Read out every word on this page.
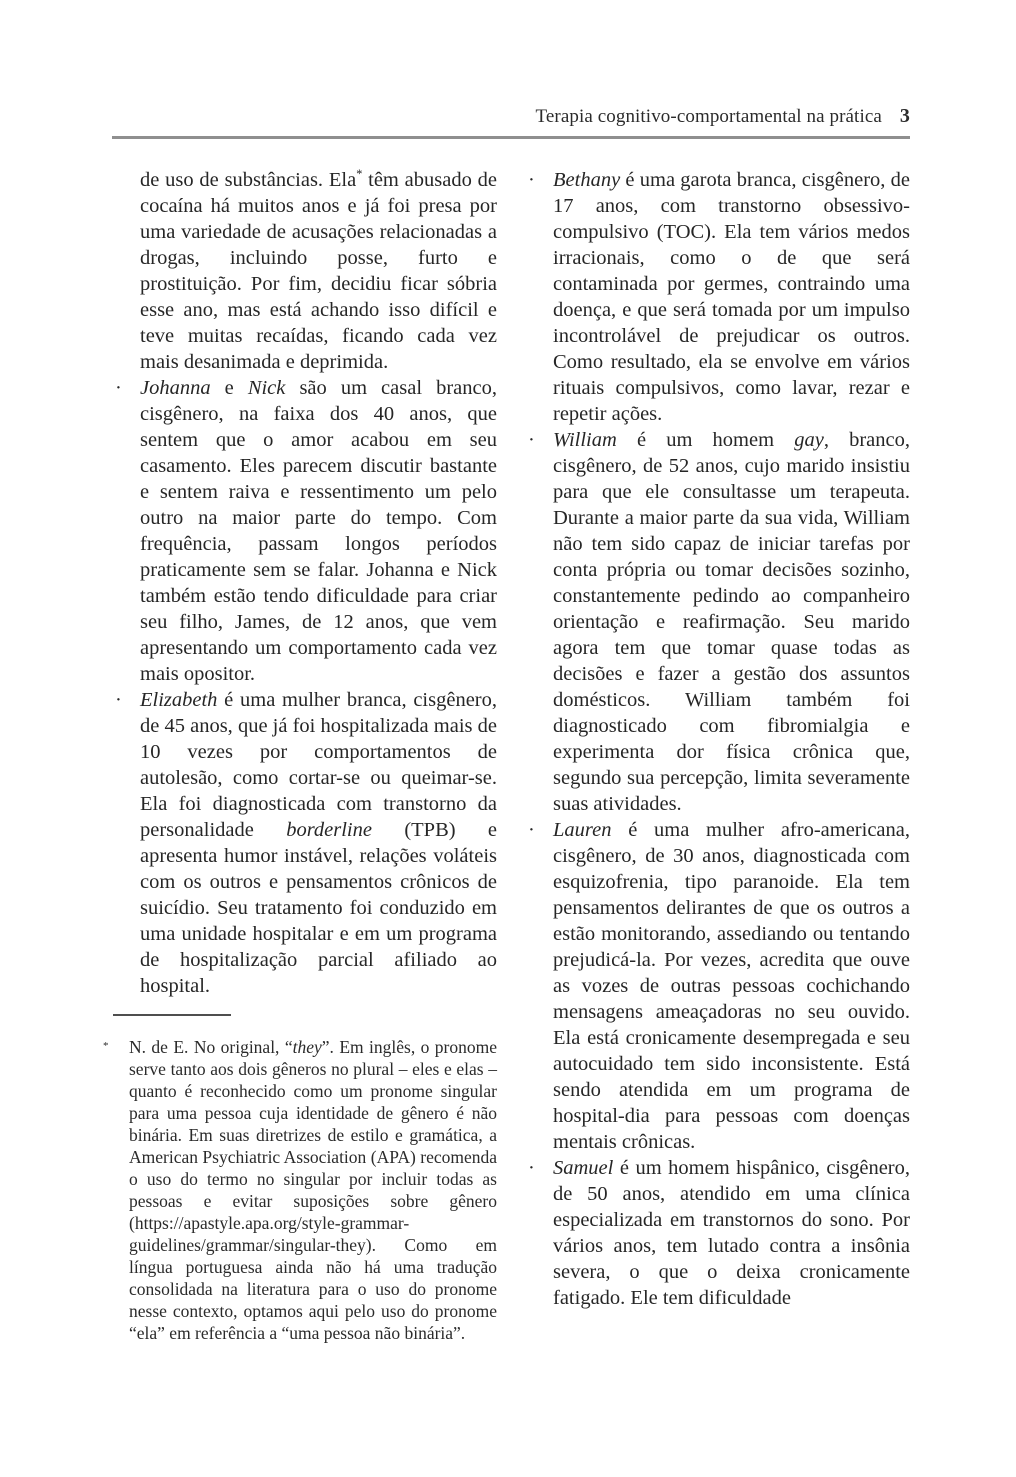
Terapia cognitivo-comportamental na prática 3

de uso de substâncias. Ela* têm abusado de cocaína há muitos anos e já foi presa por uma variedade de acusações relacionadas a drogas, incluindo posse, furto e prostituição. Por fim, decidiu ficar sóbria esse ano, mas está achando isso difícil e teve muitas recaídas, ficando cada vez mais desanimada e deprimida.

· Johanna e Nick são um casal branco, cisgênero, na faixa dos 40 anos, que sentem que o amor acabou em seu casamento. Eles parecem discutir bastante e sentem raiva e ressentimento um pelo outro na maior parte do tempo. Com frequência, passam longos períodos praticamente sem se falar. Johanna e Nick também estão tendo dificuldade para criar seu filho, James, de 12 anos, que vem apresentando um comportamento cada vez mais opositor.
· Elizabeth é uma mulher branca, cisgênero, de 45 anos, que já foi hospitalizada mais de 10 vezes por comportamentos de autolesão, como cortar-se ou queimar-se. Ela foi diagnosticada com transtorno da personalidade borderline (TPB) e apresenta humor instável, relações voláteis com os outros e pensamentos crônicos de suicídio. Seu tratamento foi conduzido em uma unidade hospitalar e em um programa de hospitalização parcial afiliado ao hospital.

* N. de E. No original, “they”. Em inglês, o pronome serve tanto aos dois gêneros no plural – eles e elas – quanto é reconhecido como um pronome singular para uma pessoa cuja identidade de gênero é não binária. Em suas diretrizes de estilo e gramática, a American Psychiatric Association (APA) recomenda o uso do termo no singular por incluir todas as pessoas e evitar suposições sobre gênero (https://apastyle.apa.org/style-grammar-guidelines/grammar/singular-they). Como em língua portuguesa ainda não há uma tradução consolidada na literatura para o uso do pronome nesse contexto, optamos aqui pelo uso do pronome “ela” em referência a “uma pessoa não binária”.

· Bethany é uma garota branca, cisgênero, de 17 anos, com transtorno obsessivo-compulsivo (TOC). Ela tem vários medos irracionais, como o de que será contaminada por germes, contraindo uma doença, e que será tomada por um impulso incontrolável de prejudicar os outros. Como resultado, ela se envolve em vários rituais compulsivos, como lavar, rezar e repetir ações.
· William é um homem gay, branco, cisgênero, de 52 anos, cujo marido insistiu para que ele consultasse um terapeuta. Durante a maior parte da sua vida, William não tem sido capaz de iniciar tarefas por conta própria ou tomar decisões sozinho, constantemente pedindo ao companheiro orientação e reafirmação. Seu marido agora tem que tomar quase todas as decisões e fazer a gestão dos assuntos domésticos. William também foi diagnosticado com fibromialgia e experimenta dor física crônica que, segundo sua percepção, limita severamente suas atividades.
· Lauren é uma mulher afro-americana, cisgênero, de 30 anos, diagnosticada com esquizofrenia, tipo paranoide. Ela tem pensamentos delirantes de que os outros a estão monitorando, assediando ou tentando prejudicá-la. Por vezes, acredita que ouve as vozes de outras pessoas cochichando mensagens ameaçadoras no seu ouvido. Ela está cronicamente desempregada e seu autocuidado tem sido inconsistente. Está sendo atendida em um programa de hospital-dia para pessoas com doenças mentais crônicas.
· Samuel é um homem hispânico, cisgênero, de 50 anos, atendido em uma clínica especializada em transtornos do sono. Por vários anos, tem lutado contra a insônia severa, o que o deixa cronicamente fatigado. Ele tem dificuldade
